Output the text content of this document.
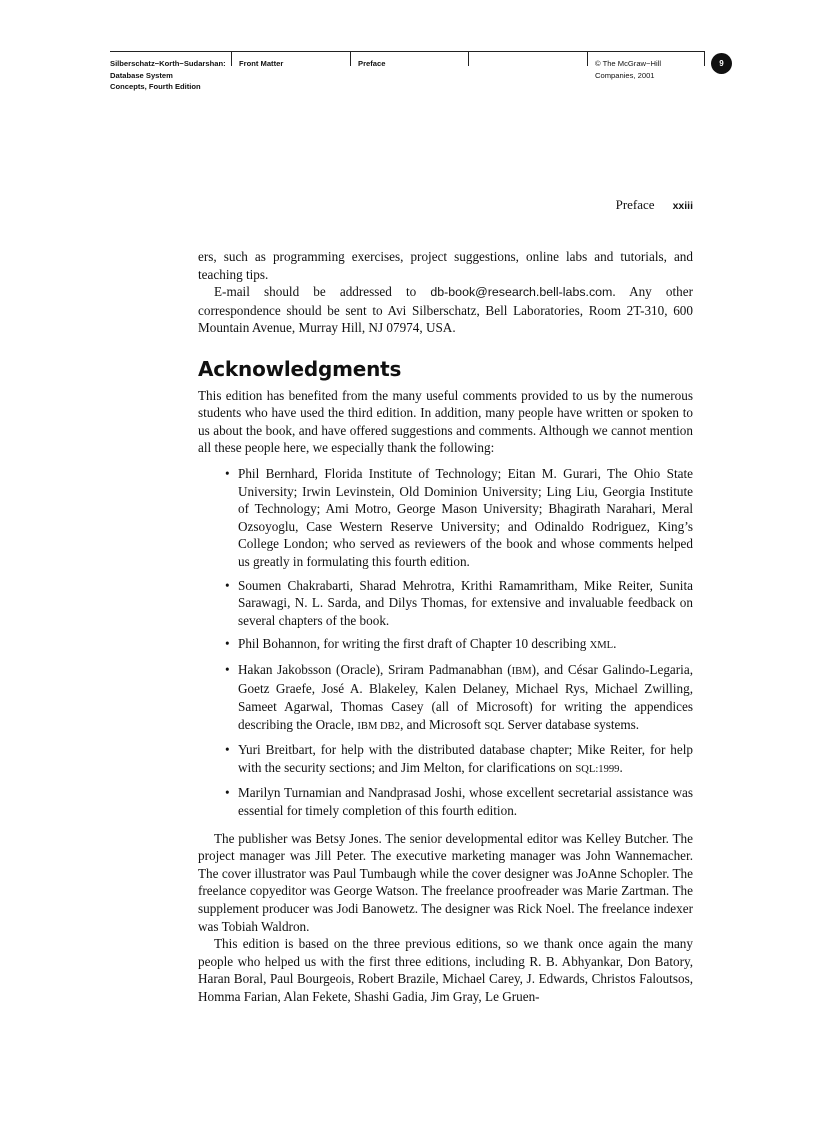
Silberschatz−Korth−Sudarshan:
Database System
Concepts, Fourth Edition
Front Matter	Preface	© The McGraw−Hill
Companies, 2001
9
Preface xxiii

ers, such as programming exercises, project suggestions, online labs and tutorials, and teaching tips.

E-mail should be addressed to db-book@research.bell-labs.com. Any other correspondence should be sent to Avi Silberschatz, Bell Laboratories, Room 2T-310, 600 Mountain Avenue, Murray Hill, NJ 07974, USA.

Acknowledgments

This edition has benefited from the many useful comments provided to us by the numerous students who have used the third edition. In addition, many people have written or spoken to us about the book, and have offered suggestions and comments. Although we cannot mention all these people here, we especially thank the following:

• Phil Bernhard, Florida Institute of Technology; Eitan M. Gurari, The Ohio State University; Irwin Levinstein, Old Dominion University; Ling Liu, Georgia Institute of Technology; Ami Motro, George Mason University; Bhagirath Narahari, Meral Ozsoyoglu, Case Western Reserve University; and Odinaldo Rodriguez, King’s College London; who served as reviewers of the book and whose comments helped us greatly in formulating this fourth edition.
• Soumen Chakrabarti, Sharad Mehrotra, Krithi Ramamritham, Mike Reiter, Sunita Sarawagi, N. L. Sarda, and Dilys Thomas, for extensive and invaluable feedback on several chapters of the book.
• Phil Bohannon, for writing the first draft of Chapter 10 describing XML.
• Hakan Jakobsson (Oracle), Sriram Padmanabhan (IBM), and César Galindo-Legaria, Goetz Graefe, José A. Blakeley, Kalen Delaney, Michael Rys, Michael Zwilling, Sameet Agarwal, Thomas Casey (all of Microsoft) for writing the appendices describing the Oracle, IBM DB2, and Microsoft SQL Server database systems.
• Yuri Breitbart, for help with the distributed database chapter; Mike Reiter, for help with the security sections; and Jim Melton, for clarifications on SQL:1999.
• Marilyn Turnamian and Nandprasad Joshi, whose excellent secretarial assistance was essential for timely completion of this fourth edition.

The publisher was Betsy Jones. The senior developmental editor was Kelley Butcher. The project manager was Jill Peter. The executive marketing manager was John Wannemacher. The cover illustrator was Paul Tumbaugh while the cover designer was JoAnne Schopler. The freelance copyeditor was George Watson. The freelance proofreader was Marie Zartman. The supplement producer was Jodi Banowetz. The designer was Rick Noel. The freelance indexer was Tobiah Waldron.

This edition is based on the three previous editions, so we thank once again the many people who helped us with the first three editions, including R. B. Abhyankar, Don Batory, Haran Boral, Paul Bourgeois, Robert Brazile, Michael Carey, J. Edwards, Christos Faloutsos, Homma Farian, Alan Fekete, Shashi Gadia, Jim Gray, Le Gruen-
